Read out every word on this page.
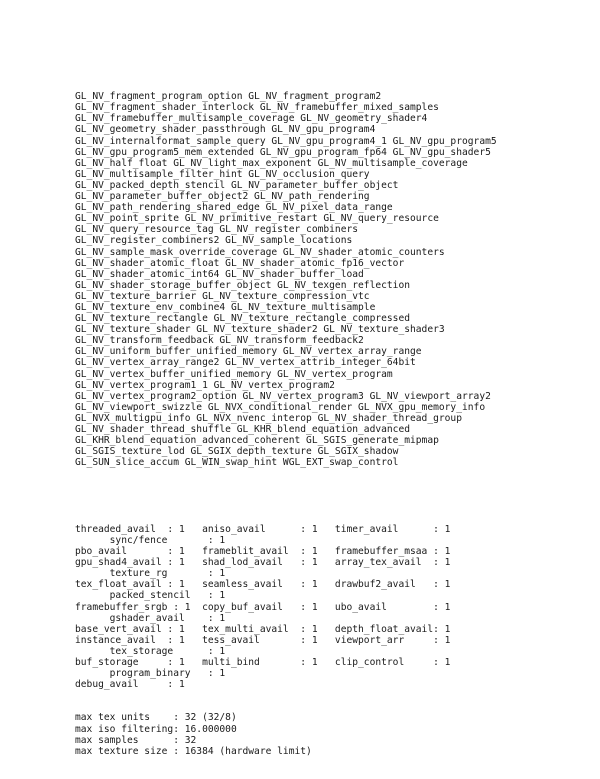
GL_NV_fragment_program_option GL_NV_fragment_program2
GL_NV_fragment_shader_interlock GL_NV_framebuffer_mixed_samples
GL_NV_framebuffer_multisample_coverage GL_NV_geometry_shader4
GL_NV_geometry_shader_passthrough GL_NV_gpu_program4
GL_NV_internalformat_sample_query GL_NV_gpu_program4_1 GL_NV_gpu_program5
GL_NV_gpu_program5_mem_extended GL_NV_gpu_program_fp64 GL_NV_gpu_shader5
GL_NV_half_float GL_NV_light_max_exponent GL_NV_multisample_coverage
GL_NV_multisample_filter_hint GL_NV_occlusion_query
GL_NV_packed_depth_stencil GL_NV_parameter_buffer_object
GL_NV_parameter_buffer_object2 GL_NV_path_rendering
GL_NV_path_rendering_shared_edge GL_NV_pixel_data_range
GL_NV_point_sprite GL_NV_primitive_restart GL_NV_query_resource
GL_NV_query_resource_tag GL_NV_register_combiners
GL_NV_register_combiners2 GL_NV_sample_locations
GL_NV_sample_mask_override_coverage GL_NV_shader_atomic_counters
GL_NV_shader_atomic_float GL_NV_shader_atomic_fp16_vector
GL_NV_shader_atomic_int64 GL_NV_shader_buffer_load
GL_NV_shader_storage_buffer_object GL_NV_texgen_reflection
GL_NV_texture_barrier GL_NV_texture_compression_vtc
GL_NV_texture_env_combine4 GL_NV_texture_multisample
GL_NV_texture_rectangle GL_NV_texture_rectangle_compressed
GL_NV_texture_shader GL_NV_texture_shader2 GL_NV_texture_shader3
GL_NV_transform_feedback GL_NV_transform_feedback2
GL_NV_uniform_buffer_unified_memory GL_NV_vertex_array_range
GL_NV_vertex_array_range2 GL_NV_vertex_attrib_integer_64bit
GL_NV_vertex_buffer_unified_memory GL_NV_vertex_program
GL_NV_vertex_program1_1 GL_NV_vertex_program2
GL_NV_vertex_program2_option GL_NV_vertex_program3 GL_NV_viewport_array2
GL_NV_viewport_swizzle GL_NVX_conditional_render GL_NVX_gpu_memory_info
GL_NVX_multigpu_info GL_NVX_nvenc_interop GL_NV_shader_thread_group
GL_NV_shader_thread_shuffle GL_KHR_blend_equation_advanced
GL_KHR_blend_equation_advanced_coherent GL_SGIS_generate_mipmap
GL_SGIS_texture_lod GL_SGIX_depth_texture GL_SGIX_shadow
GL_SUN_slice_accum GL_WIN_swap_hint WGL_EXT_swap_control

threaded_avail  : 1   aniso_avail      : 1   timer_avail      : 1
sync/fence       : 1
pbo_avail       : 1   frameblit_avail  : 1   framebuffer_msaa : 1
gpu_shad4_avail : 1   shad_lod_avail   : 1   array_tex_avail  : 1
texture_rg       : 1
tex_float_avail : 1   seamless_avail   : 1   drawbuf2_avail   : 1
packed_stencil   : 1
framebuffer_srgb : 1  copy_buf_avail   : 1   ubo_avail        : 1
gshader_avail    : 1
base_vert_avail : 1   tex_multi_avail  : 1   depth_float_avail: 1
instance_avail  : 1   tess_avail       : 1   viewport_arr     : 1
tex_storage      : 1
buf_storage     : 1   multi_bind       : 1   clip_control     : 1
program_binary   : 1
debug_avail     : 1

max tex units    : 32 (32/8)
max iso filtering: 16.000000
max samples      : 32
max texture size : 16384 (hardware limit)
